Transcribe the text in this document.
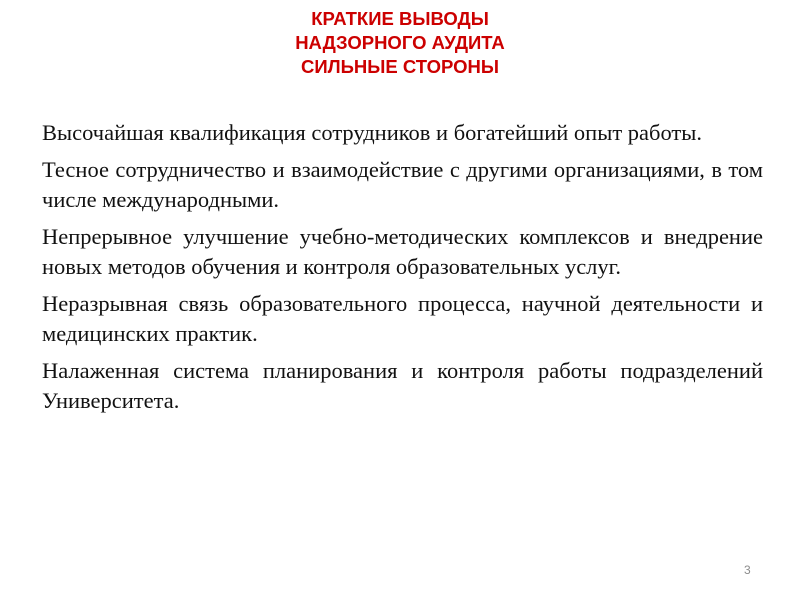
КРАТКИЕ ВЫВОДЫ
НАДЗОРНОГО АУДИТА
СИЛЬНЫЕ СТОРОНЫ

Высочайшая квалификация сотрудников и богатейший опыт работы.

Тесное сотрудничество и взаимодействие с другими организациями, в том числе международными.

Непрерывное улучшение учебно-методических комплексов и внедрение новых методов обучения и контроля образовательных услуг.

Неразрывная связь образовательного процесса, научной деятельности и медицинских практик.

Налаженная система планирования и контроля работы подразделений Университета.

3
